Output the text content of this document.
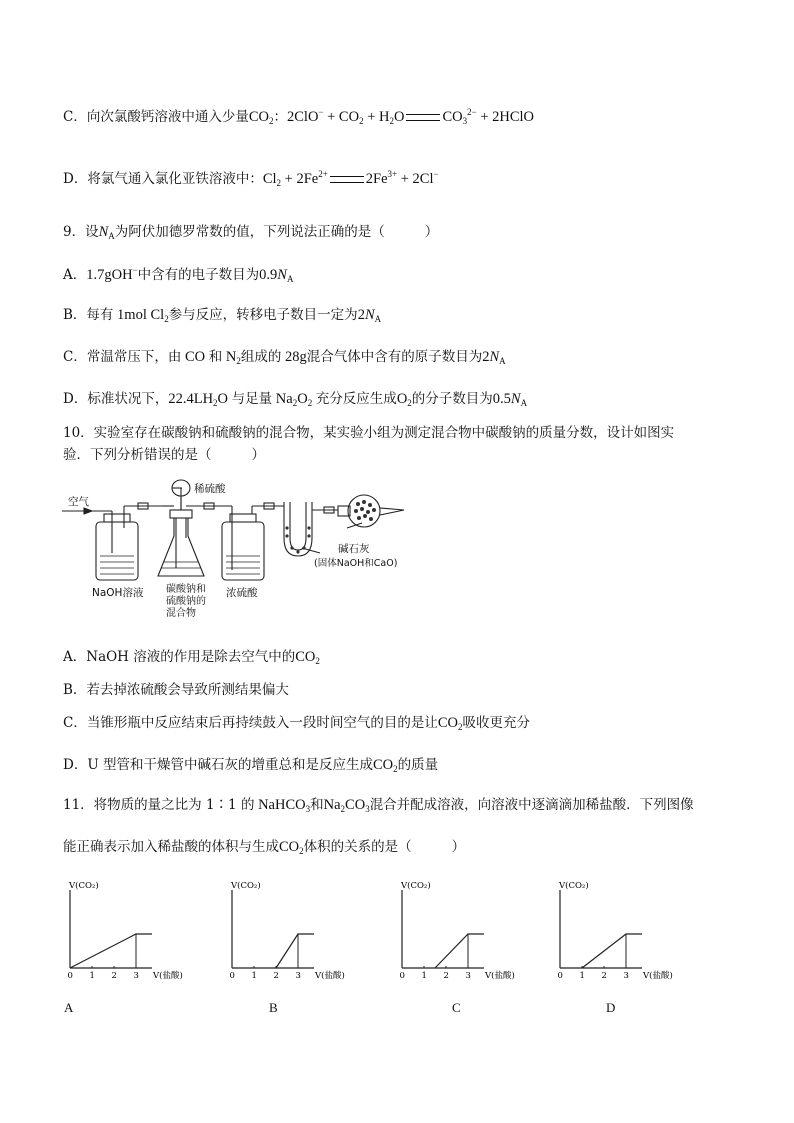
C．向次氯酸钙溶液中通入少量$CO_2$：$2ClO^- + CO_2 + H_2O$	$CO_3^{2-}$ + 2HClO
D．将氯气通入氯化亚铁溶液中：$Cl_2 + 2Fe^{2+}$	$2Fe^{3+} + 2Cl^-$
9．设$N_A$为阿伏加德罗常数的值，下列说法正确的是（	）
A．1.7gOH−中含有的电子数目为$0.9N_A$
B．每有 1mol $Cl_2$参与反应，转移电子数目一定为$2N_A$
C．常温常压下，由 CO 和 $N_2$组成的 28g混合气体中含有的原子数目为$2N_A$
D．标准状况下，$22.4LH_2O$ 与足量 $Na_2O_2$ 充分反应生成$O_2$的分子数目为$0.5N_A$
10．实验室存在碳酸钠和硫酸钠的混合物，某实验小组为测定混合物中碳酸钠的质量分数，设计如图实
验．下列分析错误的是（	）
空气
稀硫酸
NaOH溶液 碳酸钠和
硫酸钠的
混合物
浓硫酸
碱石灰
(固体NaOH和CaO)
A．NaOH 溶液的作用是除去空气中的$CO_2$
B．若去掉浓硫酸会导致所测结果偏大
C．当锥形瓶中反应结束后再持续鼓入一段时间空气的目的是让$CO_2$吸收更充分
D．U 型管和干燥管中碱石灰的增重总和是反应生成$CO_2$的质量
11．将物质的量之比为 1∶1 的 NaHCO$_3$和$Na_2CO_3$混合并配成溶液，向溶液中逐滴滴加稀盐酸．下列图像
能正确表示加入稀盐酸的体积与生成$CO_2$体积的关系的是（	）
V(CO₂)
V(盐酸)
0 1 2 3
V(CO₂)
V(盐酸)
0 1 2 3
V(CO₂)
V(盐酸)
0 1 2 3
V(CO₂)
V(盐酸)
0 1 2 3
A	B	C	D
